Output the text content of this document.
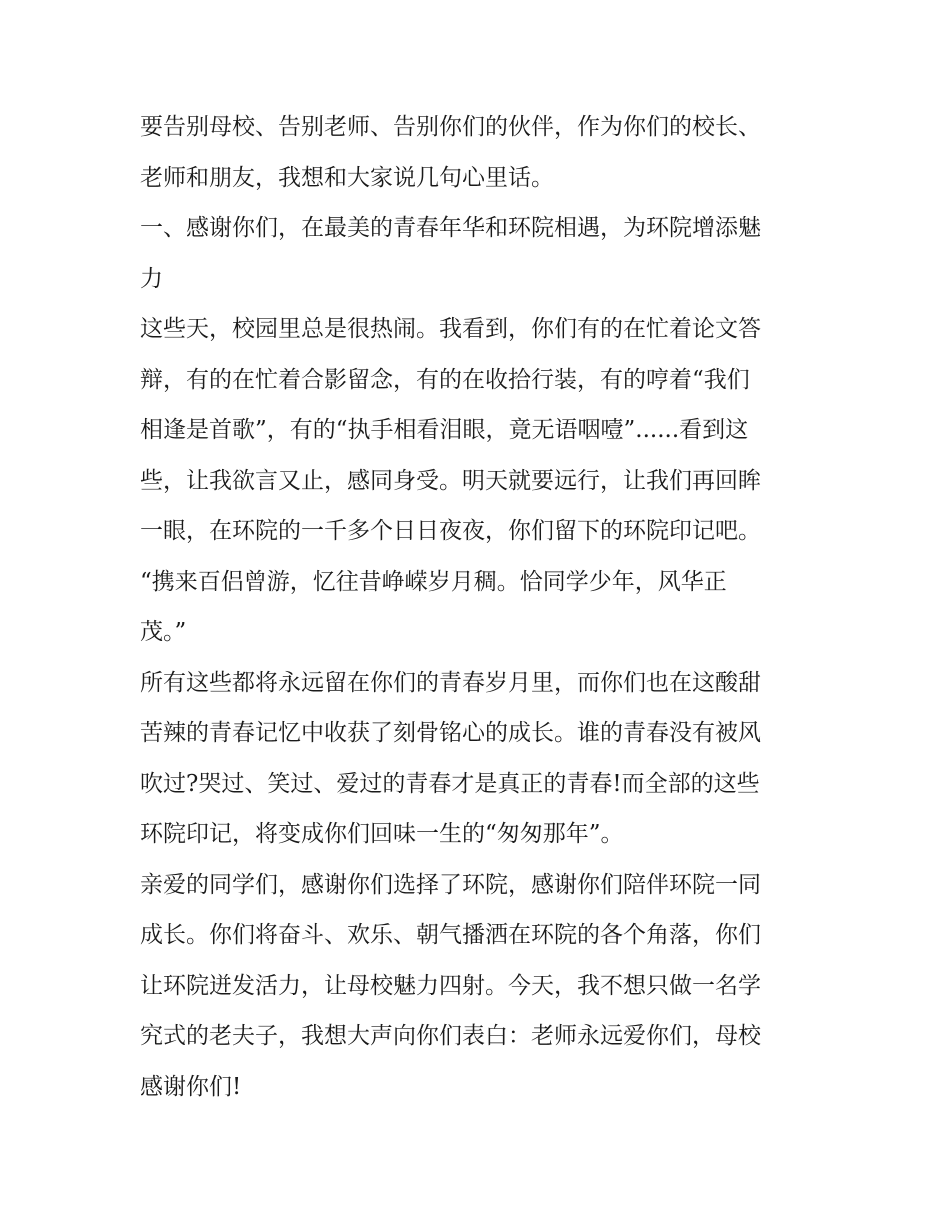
要告别母校、告别老师、告别你们的伙伴，作为你们的校长、
老师和朋友，我想和大家说几句心里话。
一、感谢你们，在最美的青春年华和环院相遇，为环院增添魅
力
这些天，校园里总是很热闹。我看到，你们有的在忙着论文答
辩，有的在忙着合影留念，有的在收拾行装，有的哼着“我们
相逢是首歌”，有的“执手相看泪眼，竟无语咽噎”......看到这
些，让我欲言又止，感同身受。明天就要远行，让我们再回眸
一眼，在环院的一千多个日日夜夜，你们留下的环院印记吧。
“携来百侣曾游，忆往昔峥嵘岁月稠。恰同学少年，风华正
茂。”
所有这些都将永远留在你们的青春岁月里，而你们也在这酸甜
苦辣的青春记忆中收获了刻骨铭心的成长。谁的青春没有被风
吹过?哭过、笑过、爱过的青春才是真正的青春!而全部的这些
环院印记，将变成你们回味一生的“匆匆那年”。
亲爱的同学们，感谢你们选择了环院，感谢你们陪伴环院一同
成长。你们将奋斗、欢乐、朝气播洒在环院的各个角落，你们
让环院迸发活力，让母校魅力四射。今天，我不想只做一名学
究式的老夫子，我想大声向你们表白：老师永远爱你们，母校
感谢你们!
